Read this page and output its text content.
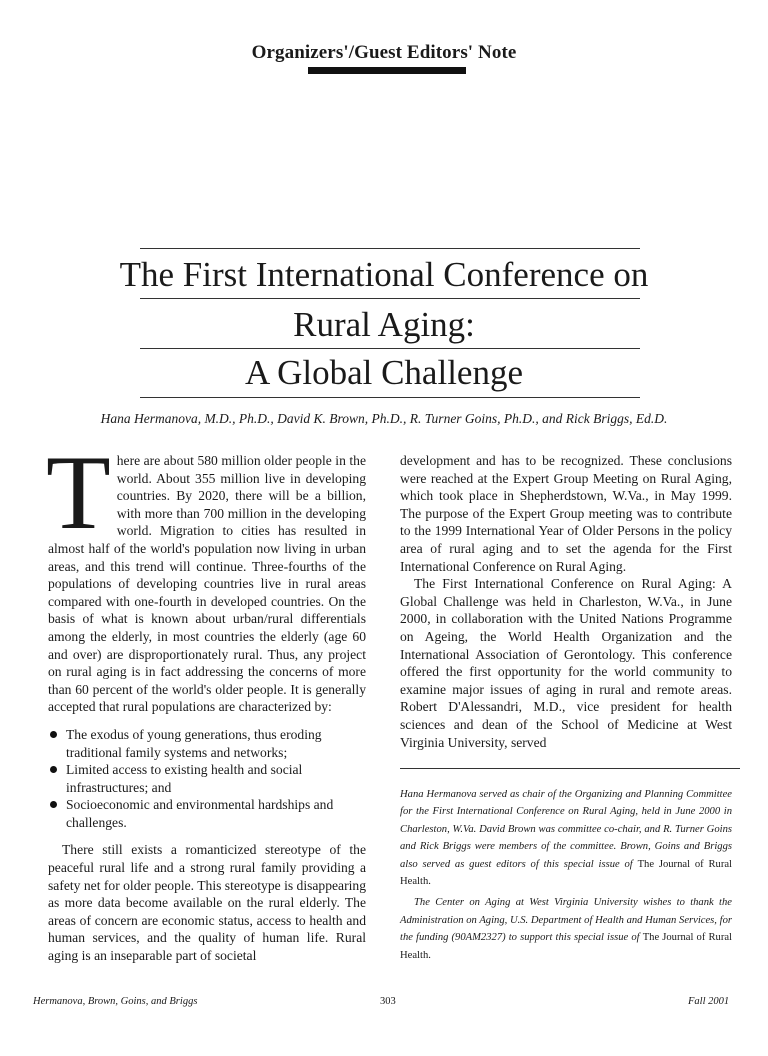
Organizers'/Guest Editors' Note
The First International Conference on
Rural Aging:
A Global Challenge
Hana Hermanova, M.D., Ph.D., David K. Brown, Ph.D., R. Turner Goins, Ph.D., and Rick Briggs, Ed.D.

There are about 580 million older people in the world. About 355 million live in developing countries. By 2020, there will be a billion, with more than 700 million in the developing world. Migration to cities has resulted in almost half of the world's population now living in urban areas, and this trend will continue. Three-fourths of the populations of developing countries live in rural areas compared with one-fourth in developed countries. On the basis of what is known about urban/rural differentials among the elderly, in most countries the elderly (age 60 and over) are disproportionately rural. Thus, any project on rural aging is in fact addressing the concerns of more than 60 percent of the world's older people. It is generally accepted that rural populations are characterized by:

The exodus of young generations, thus eroding traditional family systems and networks;
Limited access to existing health and social infrastructures; and
Socioeconomic and environmental hardships and challenges.

There still exists a romanticized stereotype of the peaceful rural life and a strong rural family providing a safety net for older people. This stereotype is disappearing as more data become available on the rural elderly. The areas of concern are economic status, access to health and human services, and the quality of human life. Rural aging is an inseparable part of societal

development and has to be recognized. These conclusions were reached at the Expert Group Meeting on Rural Aging, which took place in Shepherdstown, W.Va., in May 1999. The purpose of the Expert Group meeting was to contribute to the 1999 International Year of Older Persons in the policy area of rural aging and to set the agenda for the First International Conference on Rural Aging.

The First International Conference on Rural Aging: A Global Challenge was held in Charleston, W.Va., in June 2000, in collaboration with the United Nations Programme on Ageing, the World Health Organization and the International Association of Gerontology. This conference offered the first opportunity for the world community to examine major issues of aging in rural and remote areas. Robert D'Alessandri, M.D., vice president for health sciences and dean of the School of Medicine at West Virginia University, served

Hana Hermanova served as chair of the Organizing and Planning Committee for the First International Conference on Rural Aging, held in June 2000 in Charleston, W.Va. David Brown was committee co-chair, and R. Turner Goins and Rick Briggs were members of the committee. Brown, Goins and Briggs also served as guest editors of this special issue of The Journal of Rural Health.

The Center on Aging at West Virginia University wishes to thank the Administration on Aging, U.S. Department of Health and Human Services, for the funding (90AM2327) to support this special issue of The Journal of Rural Health.

Hermanova, Brown, Goins, and Briggs	303	Fall 2001
